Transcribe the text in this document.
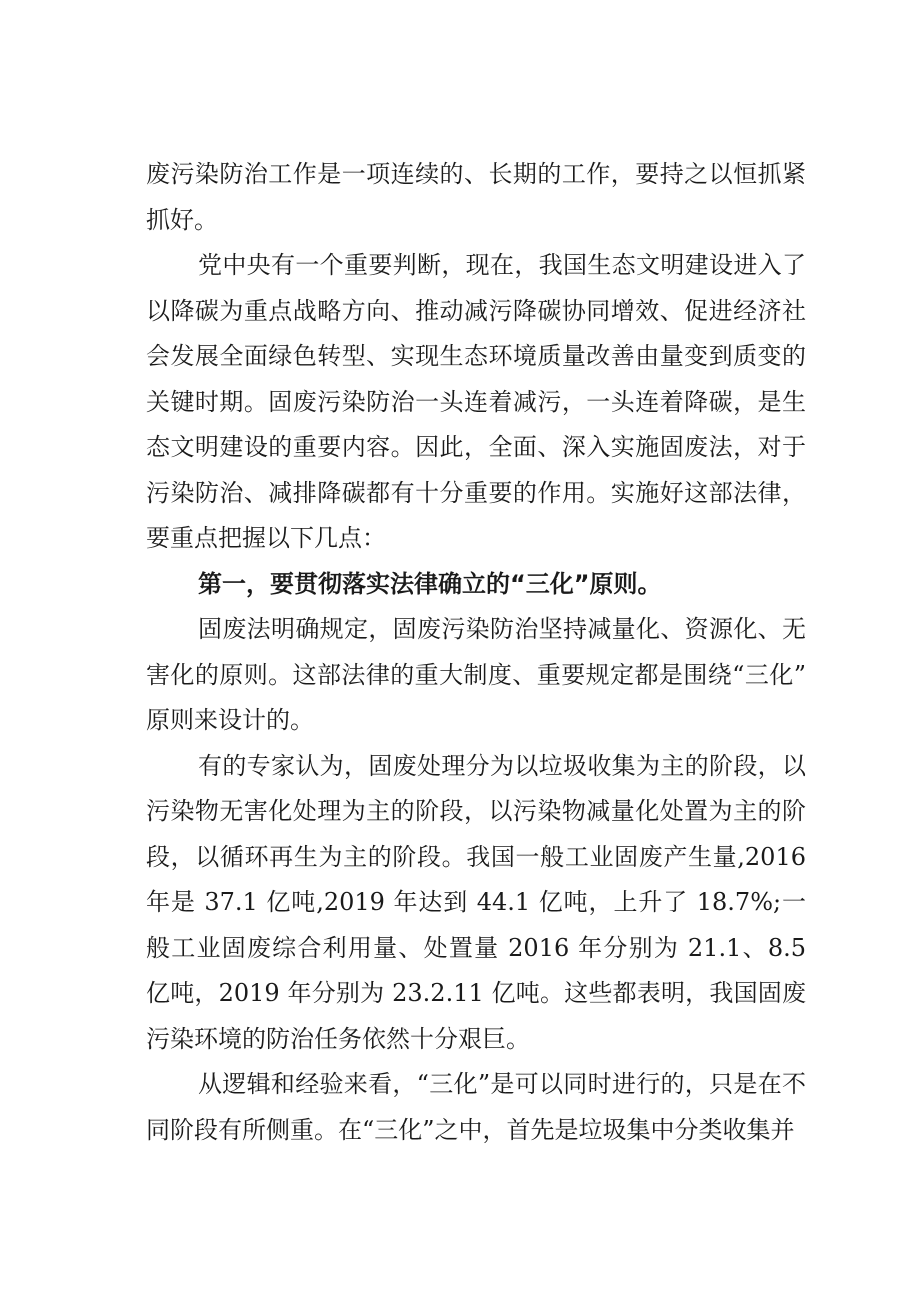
废污染防治工作是一项连续的、长期的工作，要持之以恒抓紧抓好。

党中央有一个重要判断，现在，我国生态文明建设进入了以降碳为重点战略方向、推动减污降碳协同增效、促进经济社会发展全面绿色转型、实现生态环境质量改善由量变到质变的关键时期。固废污染防治一头连着减污，一头连着降碳，是生态文明建设的重要内容。因此，全面、深入实施固废法，对于污染防治、减排降碳都有十分重要的作用。实施好这部法律，要重点把握以下几点：

第一，要贯彻落实法律确立的“三化”原则。

固废法明确规定，固废污染防治坚持减量化、资源化、无害化的原则。这部法律的重大制度、重要规定都是围绕“三化”原则来设计的。

有的专家认为，固废处理分为以垃圾收集为主的阶段，以污染物无害化处理为主的阶段，以污染物减量化处置为主的阶段，以循环再生为主的阶段。我国一般工业固废产生量,2016 年是 37.1 亿吨,2019 年达到 44.1 亿吨，上升了 18.7%;一般工业固废综合利用量、处置量 2016 年分别为 21.1、8.5 亿吨，2019 年分别为 23.2.11 亿吨。这些都表明，我国固废污染环境的防治任务依然十分艰巨。

从逻辑和经验来看，“三化”是可以同时进行的，只是在不同阶段有所侧重。在“三化”之中，首先是垃圾集中分类收集并
